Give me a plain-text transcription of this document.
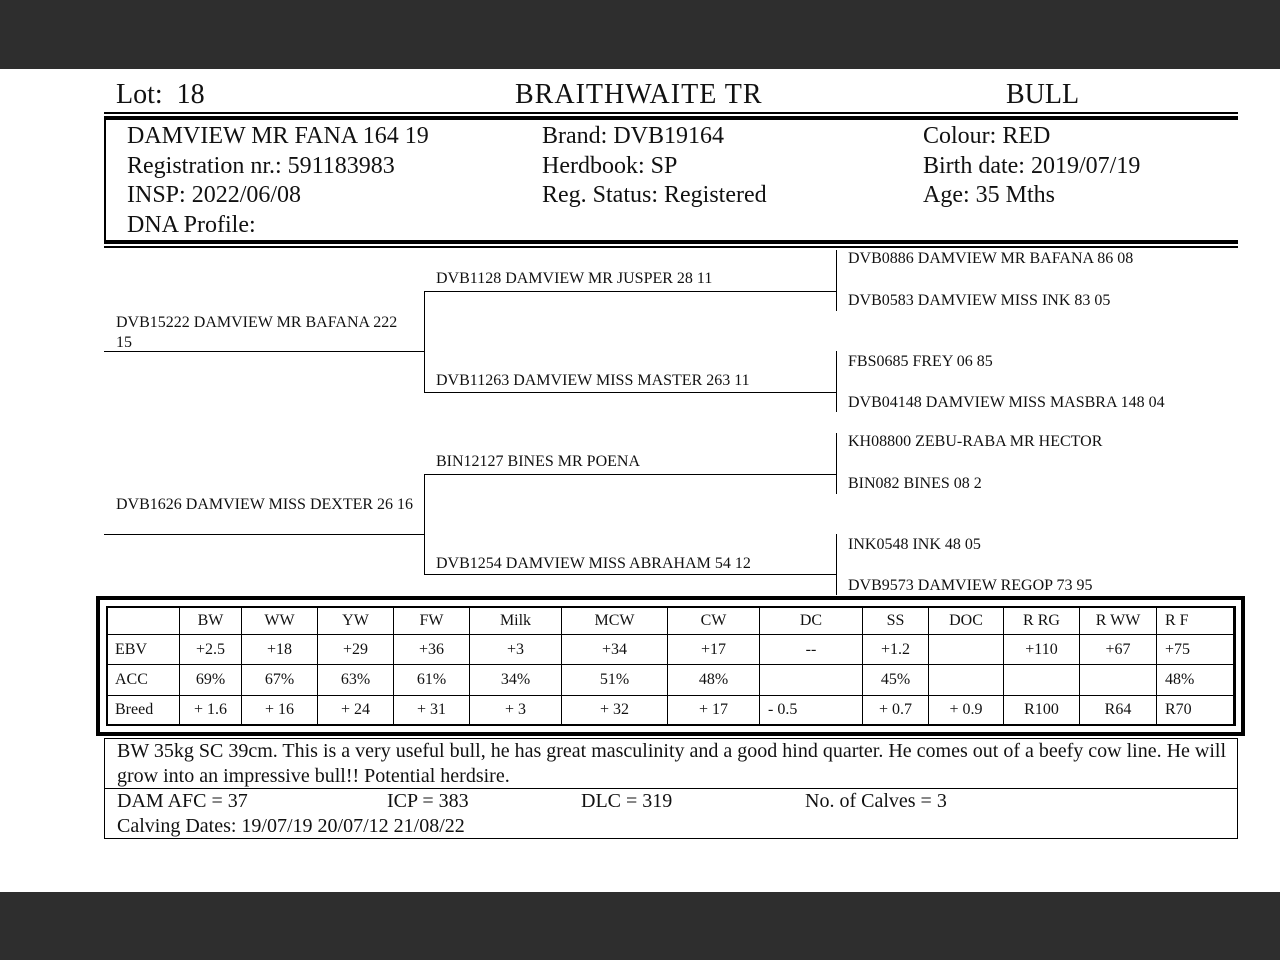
Lot: 18	BRAITHWAITE TR	BULL
DAMVIEW MR FANA 164 19
Registration nr.: 591183983
INSP: 2022/06/08
DNA Profile:
Brand: DVB19164
Herdbook: SP
Reg. Status: Registered
Colour: RED
Birth date: 2019/07/19
Age: 35 Mths
DVB15222 DAMVIEW MR BAFANA 222 15
DVB1626 DAMVIEW MISS DEXTER 26 16
DVB1128 DAMVIEW MR JUSPER 28 11
DVB11263 DAMVIEW MISS MASTER 263 11
BIN12127 BINES MR POENA
DVB1254 DAMVIEW MISS ABRAHAM 54 12
DVB0886 DAMVIEW MR BAFANA 86 08
DVB0583 DAMVIEW MISS INK 83 05
FBS0685 FREY 06 85
DVB04148 DAMVIEW MISS MASBRA 148 04
KH08800 ZEBU-RABA MR HECTOR
BIN082 BINES 08 2
INK0548 INK 48 05
DVB9573 DAMVIEW REGOP 73 95
	BW	WW	YW	FW	Milk	MCW	CW	DC	SS	DOC	R RG	R WW	R F
EBV	+2.5	+18	+29	+36	+3	+34	+17	--	+1.2		+110	+67	+75
ACC	69%	67%	63%	61%	34%	51%	48%		45%				48%
Breed	+ 1.6	+ 16	+ 24	+ 31	+ 3	+ 32	+ 17	- 0.5	+ 0.7	+ 0.9	R100	R64	R70
BW 35kg SC 39cm. This is a very useful bull, he has great masculinity and a good hind quarter. He comes out of a beefy cow line. He will grow into an impressive bull!! Potential herdsire.
DAM AFC = 37	ICP = 383	DLC = 319	No. of Calves = 3
Calving Dates: 19/07/19 20/07/12 21/08/22
